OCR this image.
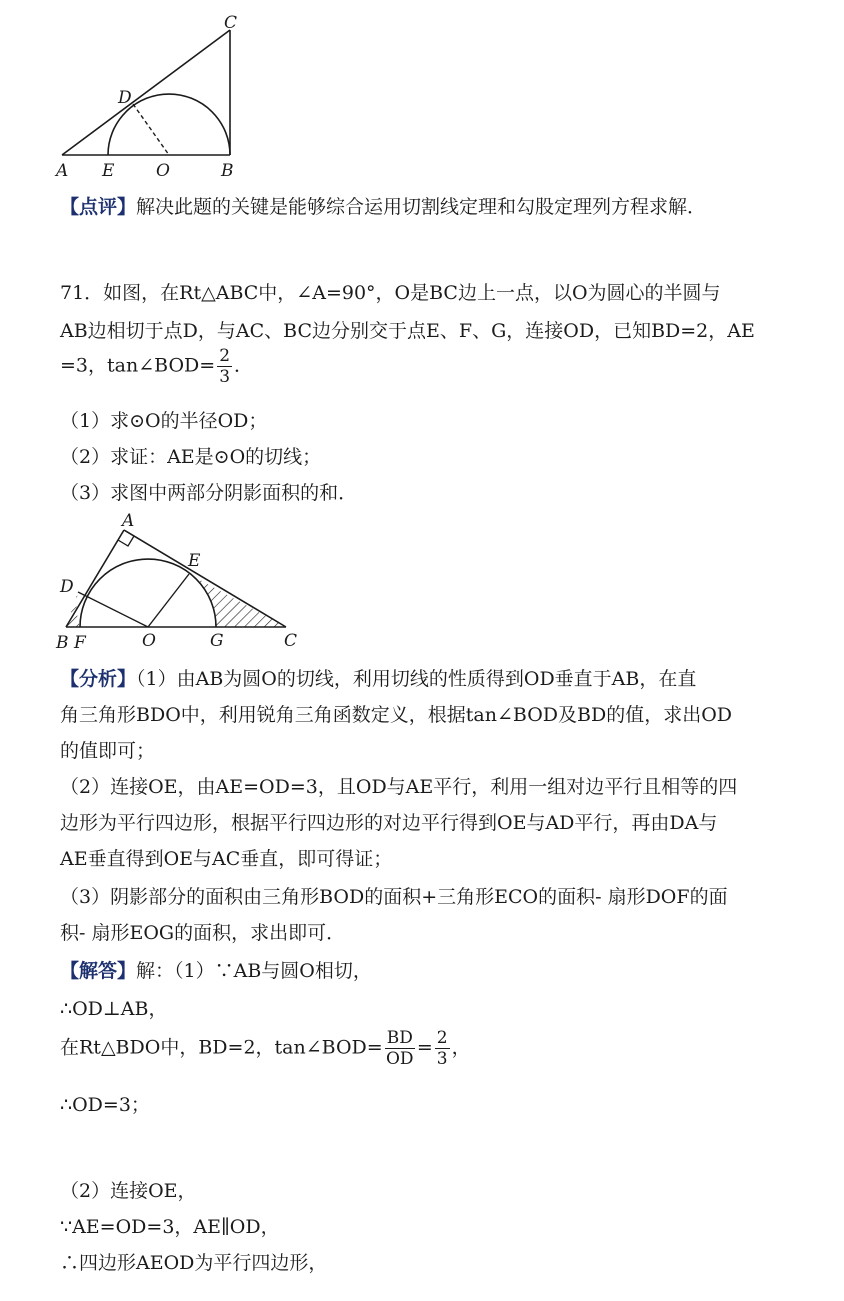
C
D
A E O	B
【点评】解决此题的关键是能够综合运用切割线定理和勾股定理列方程求解．
71．如图，在Rt△ABC中，∠A=90°，O是BC边上一点，以O为圆心的半圆与
AB边相切于点D，与AC、BC边分别交于点E、F、G，连接OD，已知BD=2，AE
=3，tan∠BOD= $\frac{2}{3}$ ．
（1）求⊙O的半径OD；
（2）求证：AE是⊙O的切线；
（3）求图中两部分阴影面积的和．
A
E
D
B F	O	G	C
【分析】（1）由AB为圆O的切线，利用切线的性质得到OD垂直于AB，在直
角三角形BDO中，利用锐角三角函数定义，根据tan∠BOD及BD的值，求出OD
的值即可；
（2）连接OE，由AE=OD=3，且OD与AE平行，利用一组对边平行且相等的四
边形为平行四边形，根据平行四边形的对边平行得到OE与AD平行，再由DA与
AE垂直得到OE与AC垂直，即可得证；
（3）阴影部分的面积由三角形BOD的面积+三角形ECO的面积- 扇形DOF的面
积- 扇形EOG的面积，求出即可．
【解答】解：（1）∵AB与圆O相切，
∴OD⊥AB，
在Rt△BDO中，BD=2，tan∠BOD= $\frac{BD}{OD} = \frac{2}{3}$ ，
∴OD=3；
（2）连接OE，
∵AE=OD=3，AE∥OD，
∴四边形AEOD为平行四边形，
